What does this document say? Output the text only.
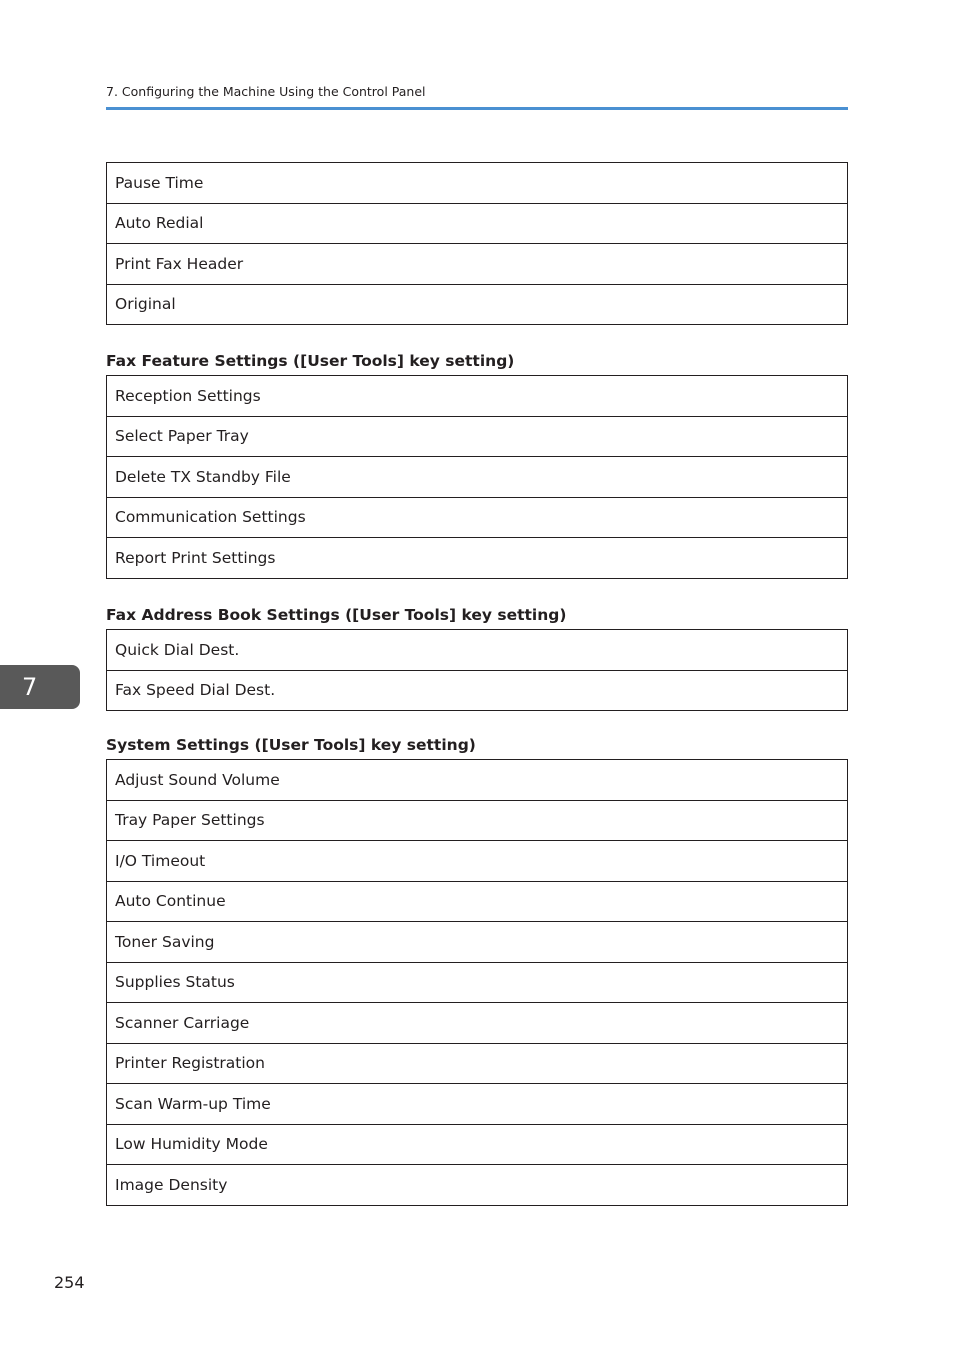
7. Configuring the Machine Using the Control Panel
Pause Time
Auto Redial
Print Fax Header
Original
Fax Feature Settings ([User Tools] key setting)
Reception Settings
Select Paper Tray
Delete TX Standby File
Communication Settings
Report Print Settings
Fax Address Book Settings ([User Tools] key setting)
Quick Dial Dest.
Fax Speed Dial Dest.
7
System Settings ([User Tools] key setting)
Adjust Sound Volume
Tray Paper Settings
I/O Timeout
Auto Continue
Toner Saving
Supplies Status
Scanner Carriage
Printer Registration
Scan Warm-up Time
Low Humidity Mode
Image Density
254
